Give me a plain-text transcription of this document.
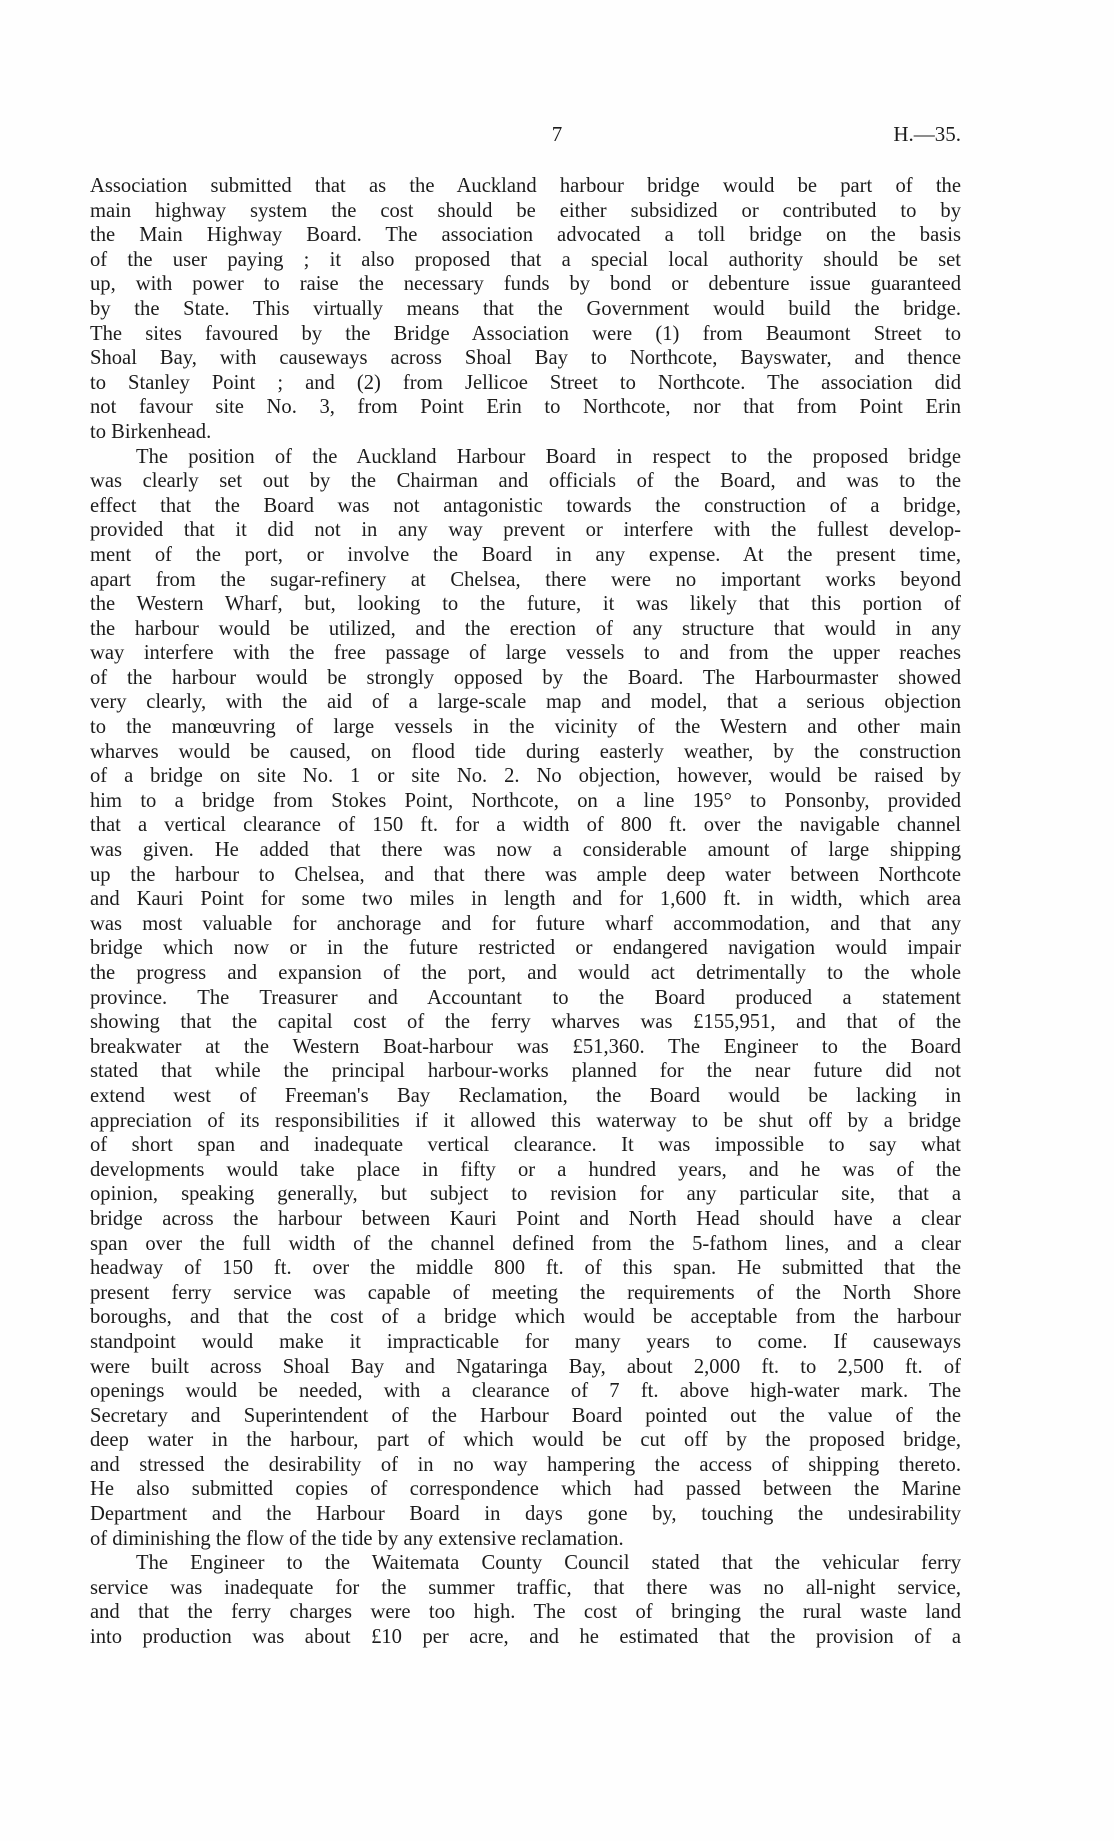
7	H.—35.
Association submitted that as the Auckland harbour bridge would be part of the
main highway system the cost should be either subsidized or contributed to by
the Main Highway Board. The association advocated a toll bridge on the basis
of the user paying ; it also proposed that a special local authority should be set
up, with power to raise the necessary funds by bond or debenture issue guaranteed
by the State. This virtually means that the Government would build the bridge.
The sites favoured by the Bridge Association were (1) from Beaumont Street to
Shoal Bay, with causeways across Shoal Bay to Northcote, Bayswater, and thence
to Stanley Point ; and (2) from Jellicoe Street to Northcote. The association did
not favour site No. 3, from Point Erin to Northcote, nor that from Point Erin
to Birkenhead.
The position of the Auckland Harbour Board in respect to the proposed bridge
was clearly set out by the Chairman and officials of the Board, and was to the
effect that the Board was not antagonistic towards the construction of a bridge,
provided that it did not in any way prevent or interfere with the fullest develop-
ment of the port, or involve the Board in any expense. At the present time,
apart from the sugar-refinery at Chelsea, there were no important works beyond
the Western Wharf, but, looking to the future, it was likely that this portion of
the harbour would be utilized, and the erection of any structure that would in any
way interfere with the free passage of large vessels to and from the upper reaches
of the harbour would be strongly opposed by the Board. The Harbourmaster showed
very clearly, with the aid of a large-scale map and model, that a serious objection
to the manœuvring of large vessels in the vicinity of the Western and other main
wharves would be caused, on flood tide during easterly weather, by the construction
of a bridge on site No. 1 or site No. 2. No objection, however, would be raised by
him to a bridge from Stokes Point, Northcote, on a line 195° to Ponsonby, provided
that a vertical clearance of 150 ft. for a width of 800 ft. over the navigable channel
was given. He added that there was now a considerable amount of large shipping
up the harbour to Chelsea, and that there was ample deep water between Northcote
and Kauri Point for some two miles in length and for 1,600 ft. in width, which area
was most valuable for anchorage and for future wharf accommodation, and that any
bridge which now or in the future restricted or endangered navigation would impair
the progress and expansion of the port, and would act detrimentally to the whole
province. The Treasurer and Accountant to the Board produced a statement
showing that the capital cost of the ferry wharves was £155,951, and that of the
breakwater at the Western Boat-harbour was £51,360. The Engineer to the Board
stated that while the principal harbour-works planned for the near future did not
extend west of Freeman's Bay Reclamation, the Board would be lacking in
appreciation of its responsibilities if it allowed this waterway to be shut off by a bridge
of short span and inadequate vertical clearance. It was impossible to say what
developments would take place in fifty or a hundred years, and he was of the
opinion, speaking generally, but subject to revision for any particular site, that a
bridge across the harbour between Kauri Point and North Head should have a clear
span over the full width of the channel defined from the 5-fathom lines, and a clear
headway of 150 ft. over the middle 800 ft. of this span. He submitted that the
present ferry service was capable of meeting the requirements of the North Shore
boroughs, and that the cost of a bridge which would be acceptable from the harbour
standpoint would make it impracticable for many years to come. If causeways
were built across Shoal Bay and Ngataringa Bay, about 2,000 ft. to 2,500 ft. of
openings would be needed, with a clearance of 7 ft. above high-water mark. The
Secretary and Superintendent of the Harbour Board pointed out the value of the
deep water in the harbour, part of which would be cut off by the proposed bridge,
and stressed the desirability of in no way hampering the access of shipping thereto.
He also submitted copies of correspondence which had passed between the Marine
Department and the Harbour Board in days gone by, touching the undesirability
of diminishing the flow of the tide by any extensive reclamation.
The Engineer to the Waitemata County Council stated that the vehicular ferry
service was inadequate for the summer traffic, that there was no all-night service,
and that the ferry charges were too high. The cost of bringing the rural waste land
into production was about £10 per acre, and he estimated that the provision of a
